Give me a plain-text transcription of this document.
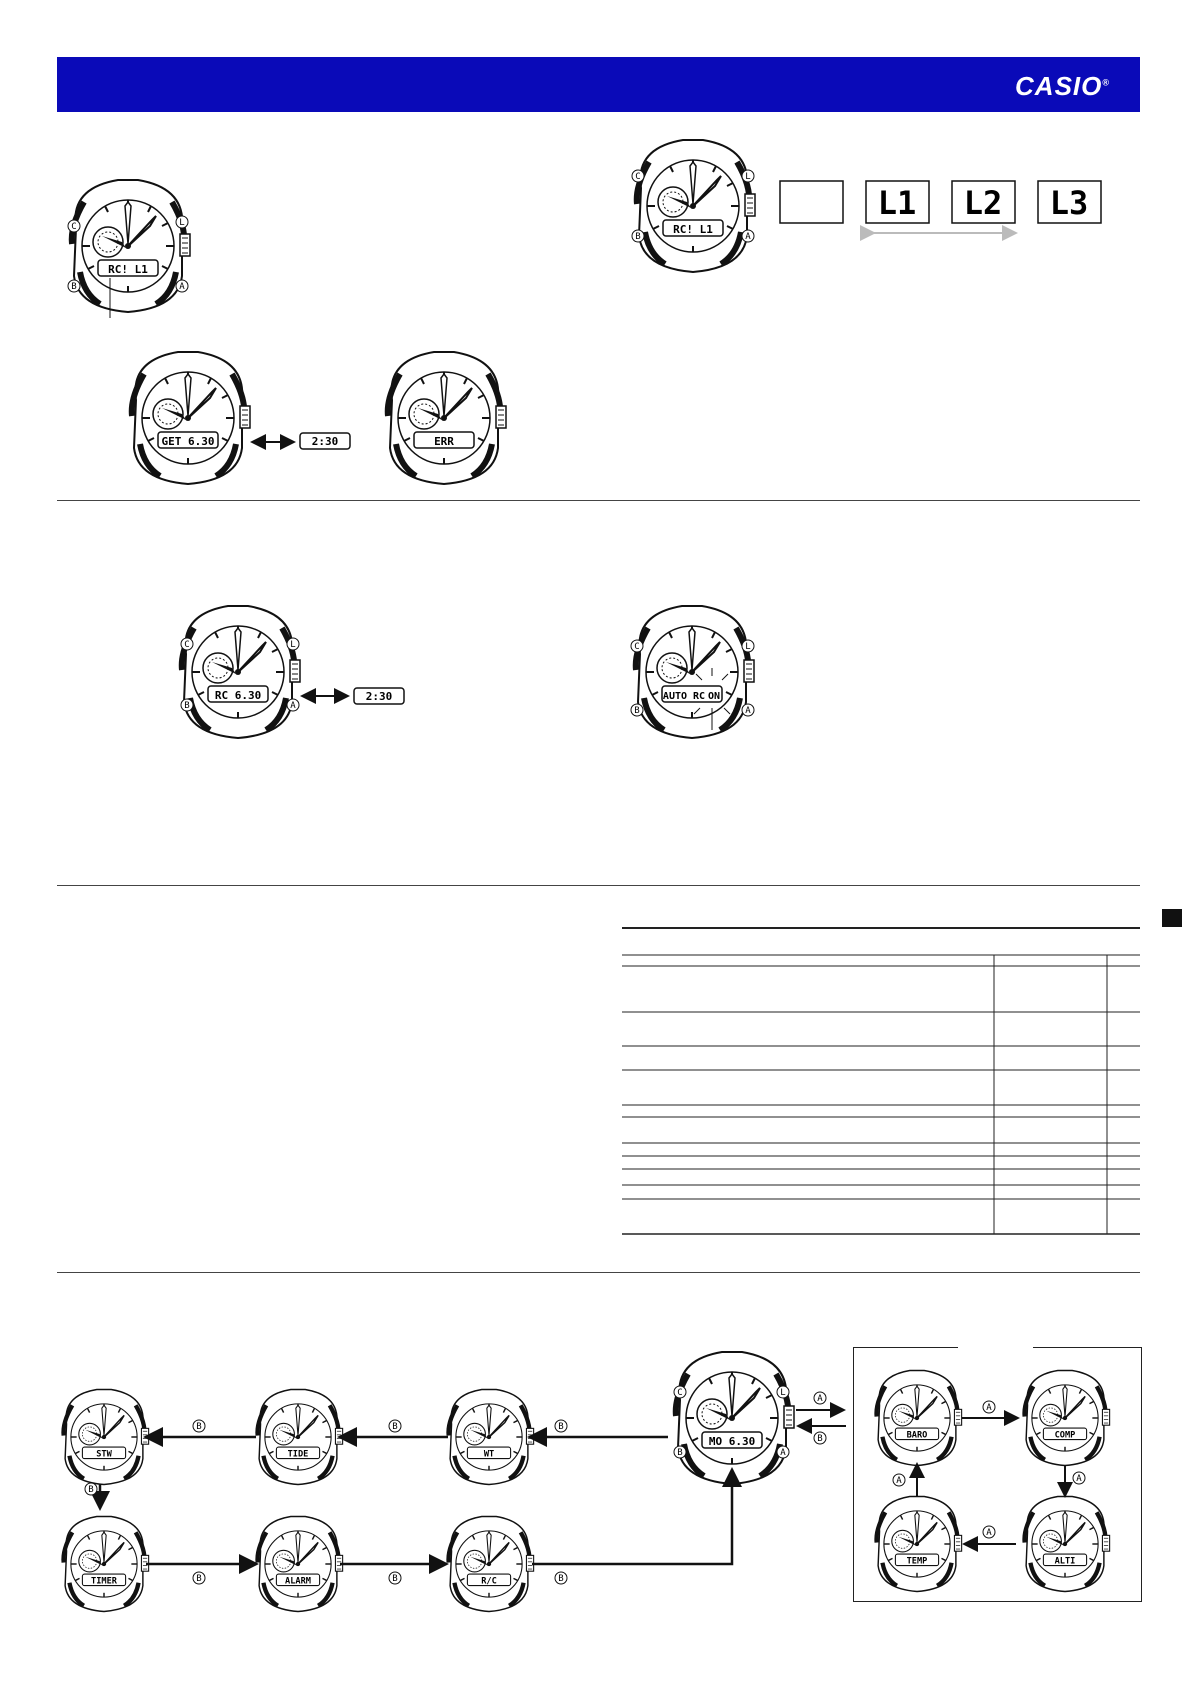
CASIO®
RC! L1
C	L
B	A
RC! L1
C	L
B	A
L1 L2 L3
GET 6.30	2:30	ERR
RC 6.30
C	L
B	A
2:30	AUTO RC ON
C	L
B	A
MO 6.30
C	L
B	A
STW	TIDE	WT
TIMER	ALARM	R/C
B
B
B
B
B	B	B
A
B	BARO	COMP
TEMP	ALTI
A
A
A
A
